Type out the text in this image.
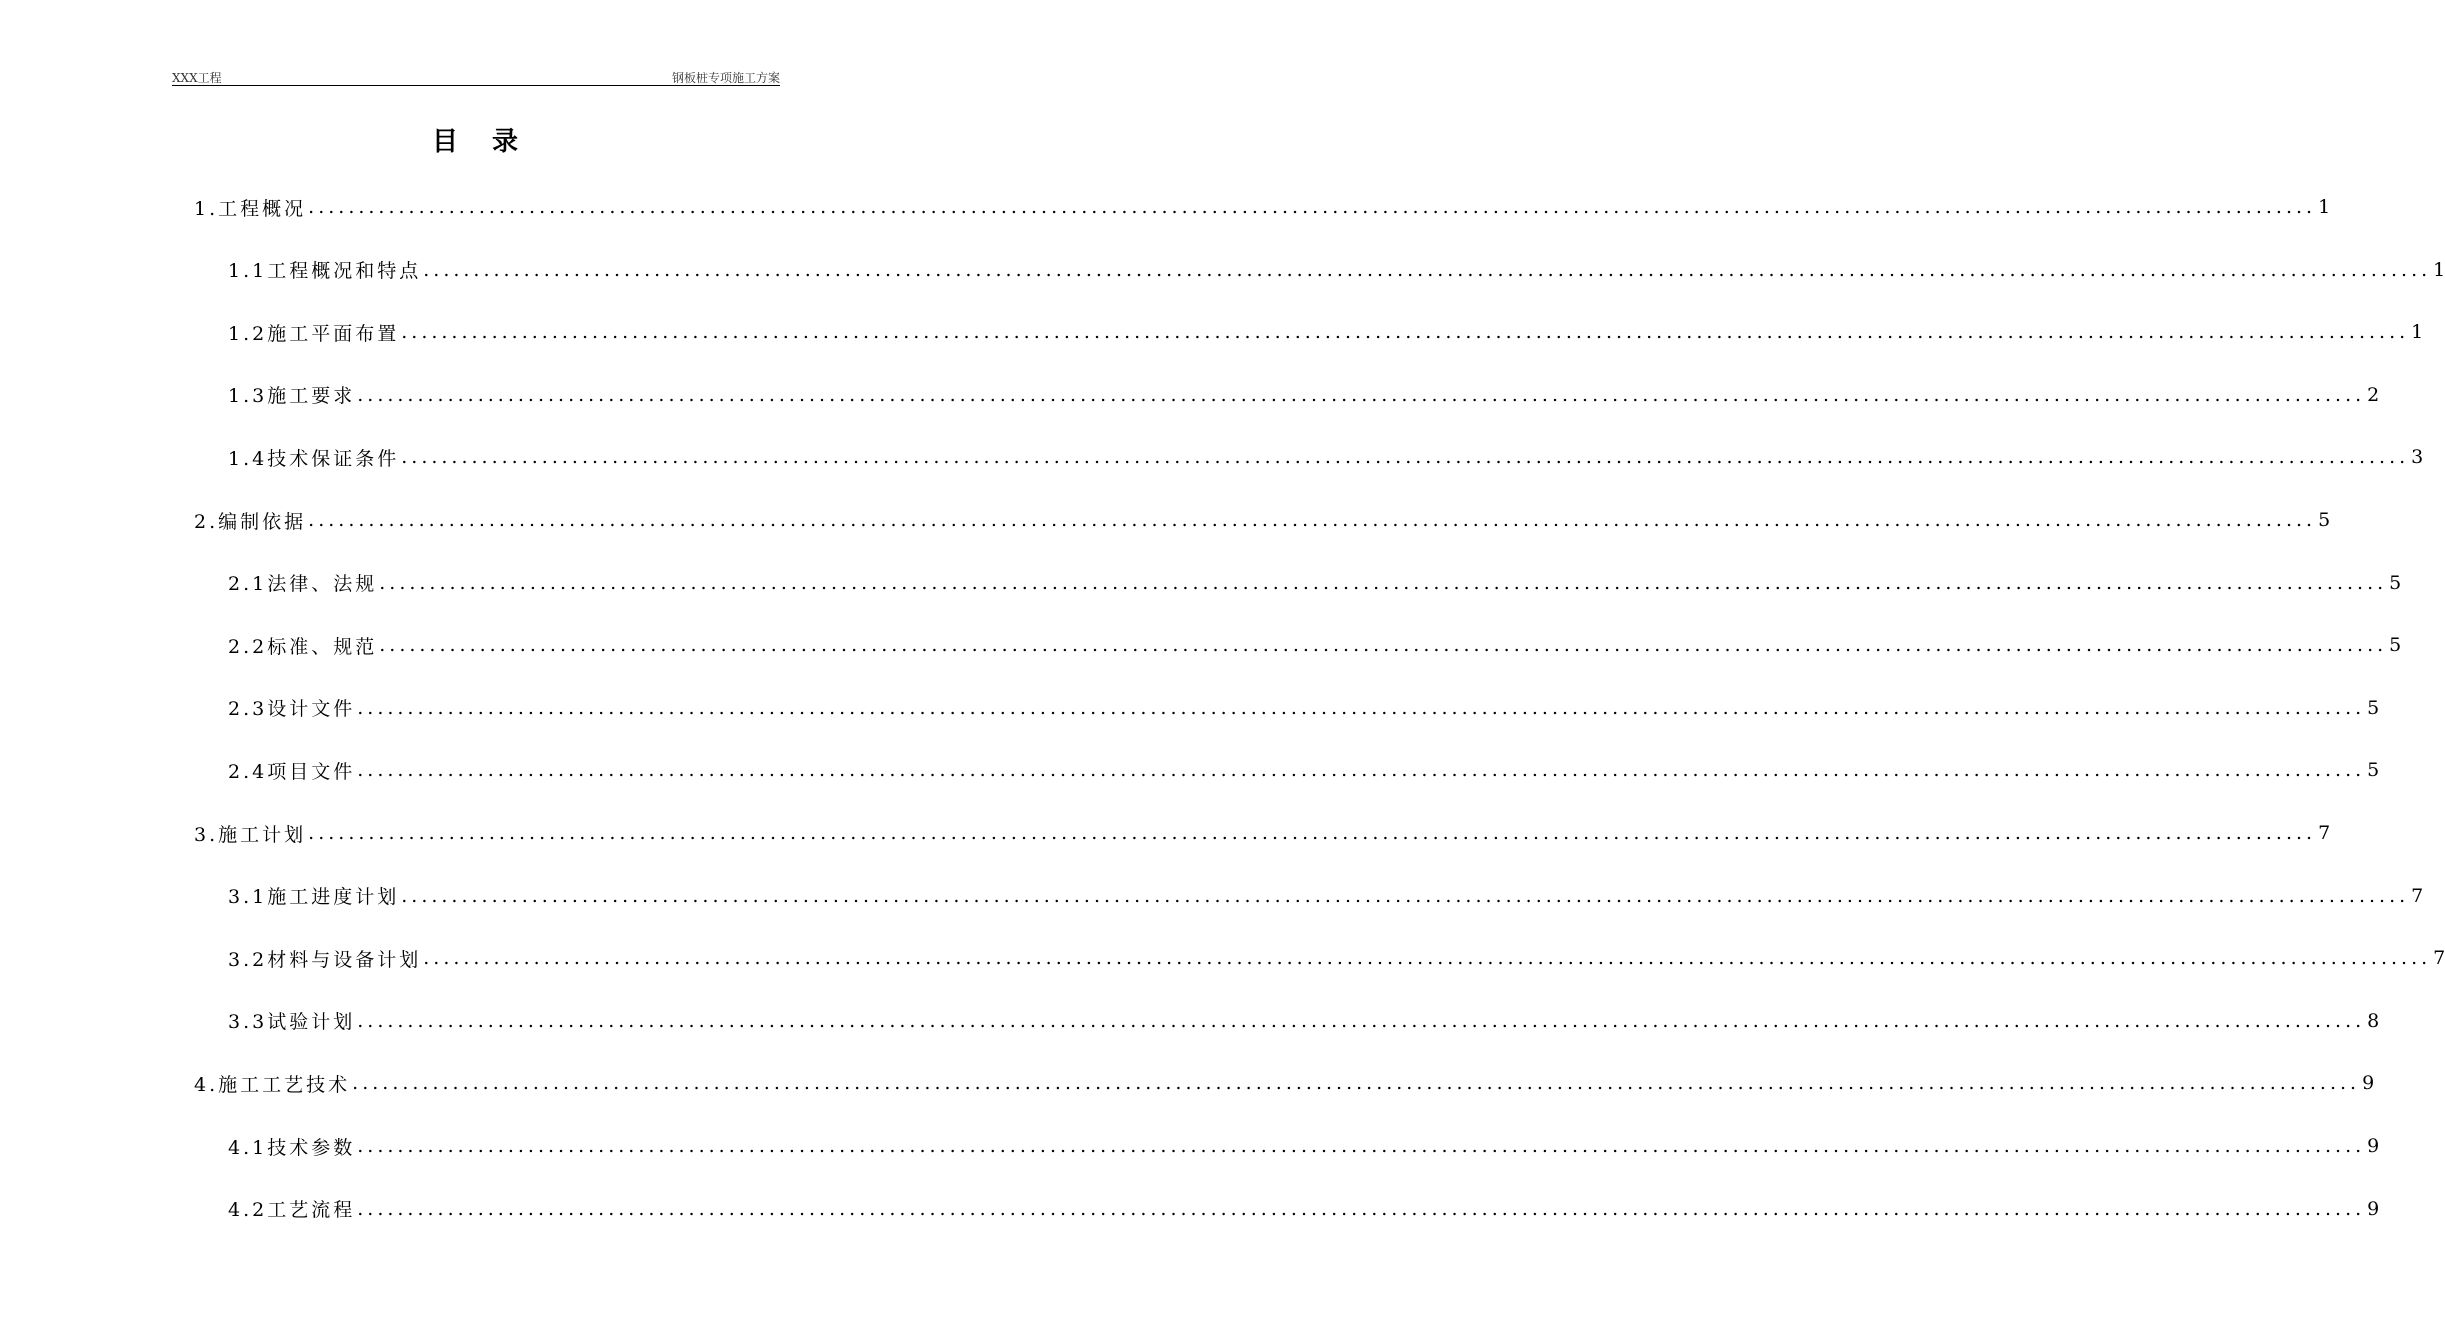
XXX工程	钢板桩专项施工方案
目录
1.工程概况 ........................................................................................................................................................................................................ 1
1.1工程概况和特点 ........................................................................................................................................................................................................ 1
1.2施工平面布置 ........................................................................................................................................................................................................ 1
1.3施工要求 ........................................................................................................................................................................................................ 2
1.4技术保证条件 ........................................................................................................................................................................................................ 3
2.编制依据 ........................................................................................................................................................................................................ 5
2.1法律、法规 ........................................................................................................................................................................................................ 5
2.2标准、规范 ........................................................................................................................................................................................................ 5
2.3设计文件 ........................................................................................................................................................................................................ 5
2.4项目文件 ........................................................................................................................................................................................................ 5
3.施工计划 ........................................................................................................................................................................................................ 7
3.1施工进度计划 ........................................................................................................................................................................................................ 7
3.2材料与设备计划 ........................................................................................................................................................................................................ 7
3.3试验计划 ........................................................................................................................................................................................................ 8
4.施工工艺技术 ........................................................................................................................................................................................................ 9
4.1技术参数 ........................................................................................................................................................................................................ 9
4.2工艺流程 ........................................................................................................................................................................................................ 9
